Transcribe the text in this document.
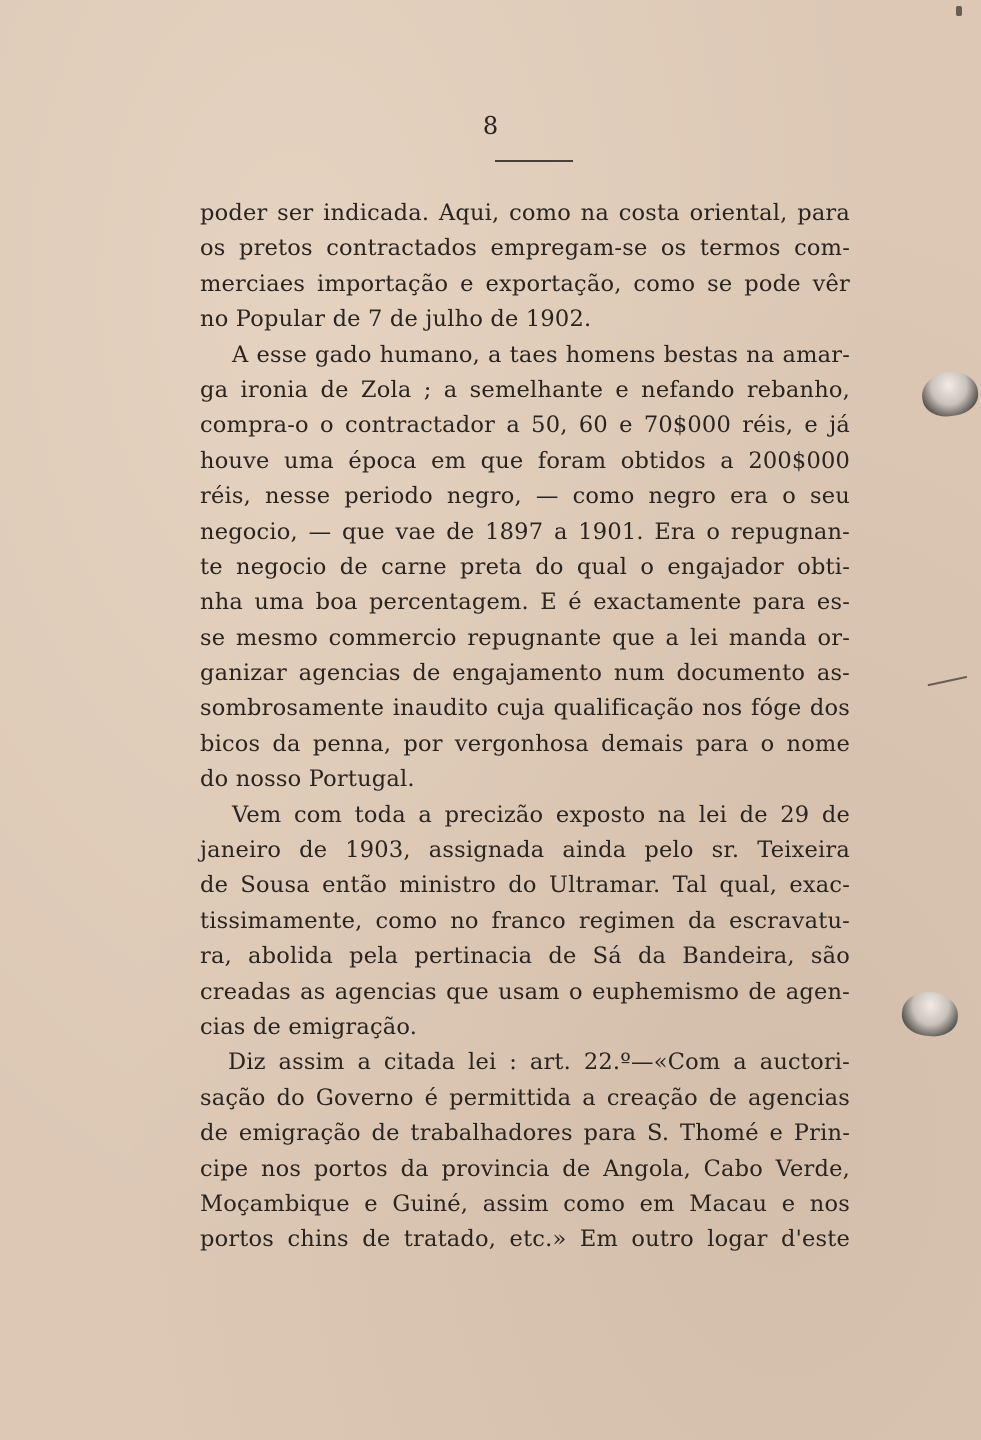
8
poder ser indicada. Aqui, como na costa oriental, para
os pretos contractados empregam-se os termos com-
merciaes importação e exportação, como se pode vêr
no Popular de 7 de julho de 1902.
A esse gado humano, a taes homens bestas na amar-
ga ironia de Zola ; a semelhante e nefando rebanho,
compra-o o contractador a 50, 60 e 70$000 réis, e já
houve uma época em que foram obtidos a 200$000
réis, nesse periodo negro, — como negro era o seu
negocio, — que vae de 1897 a 1901. Era o repugnan-
te negocio de carne preta do qual o engajador obti-
nha uma boa percentagem. E é exactamente para es-
se mesmo commercio repugnante que a lei manda or-
ganizar agencias de engajamento num documento as-
sombrosamente inaudito cuja qualificação nos fóge dos
bicos da penna, por vergonhosa demais para o nome
do nosso Portugal.
Vem com toda a precizão exposto na lei de 29 de
janeiro de 1903, assignada ainda pelo sr. Teixeira
de Sousa então ministro do Ultramar. Tal qual, exac-
tissimamente, como no franco regimen da escravatu-
ra, abolida pela pertinacia de Sá da Bandeira, são
creadas as agencias que usam o euphemismo de agen-
cias de emigração.
Diz assim a citada lei : art. 22.º—«Com a auctori-
sação do Governo é permittida a creação de agencias
de emigração de trabalhadores para S. Thomé e Prin-
cipe nos portos da provincia de Angola, Cabo Verde,
Moçambique e Guiné, assim como em Macau e nos
portos chins de tratado, etc.» Em outro logar d'este
